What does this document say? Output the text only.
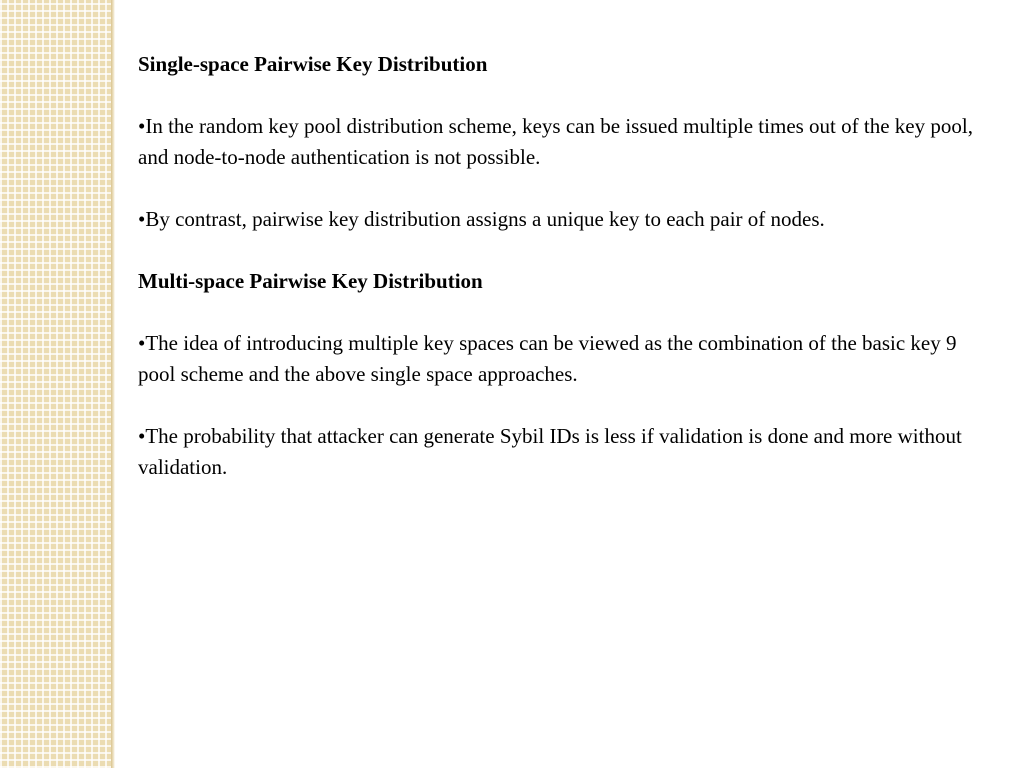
Single-space Pairwise Key Distribution

•In the random key pool distribution scheme, keys can be issued multiple times out of the key pool, and node-to-node authentication is not possible.

•By contrast, pairwise key distribution assigns a unique key to each pair of nodes.

Multi-space Pairwise Key Distribution

•The idea of introducing multiple key spaces can be viewed as the combination of the basic key 9 pool scheme and the above single space approaches.

•The probability that attacker can generate Sybil IDs is less if validation is done and more without validation.
